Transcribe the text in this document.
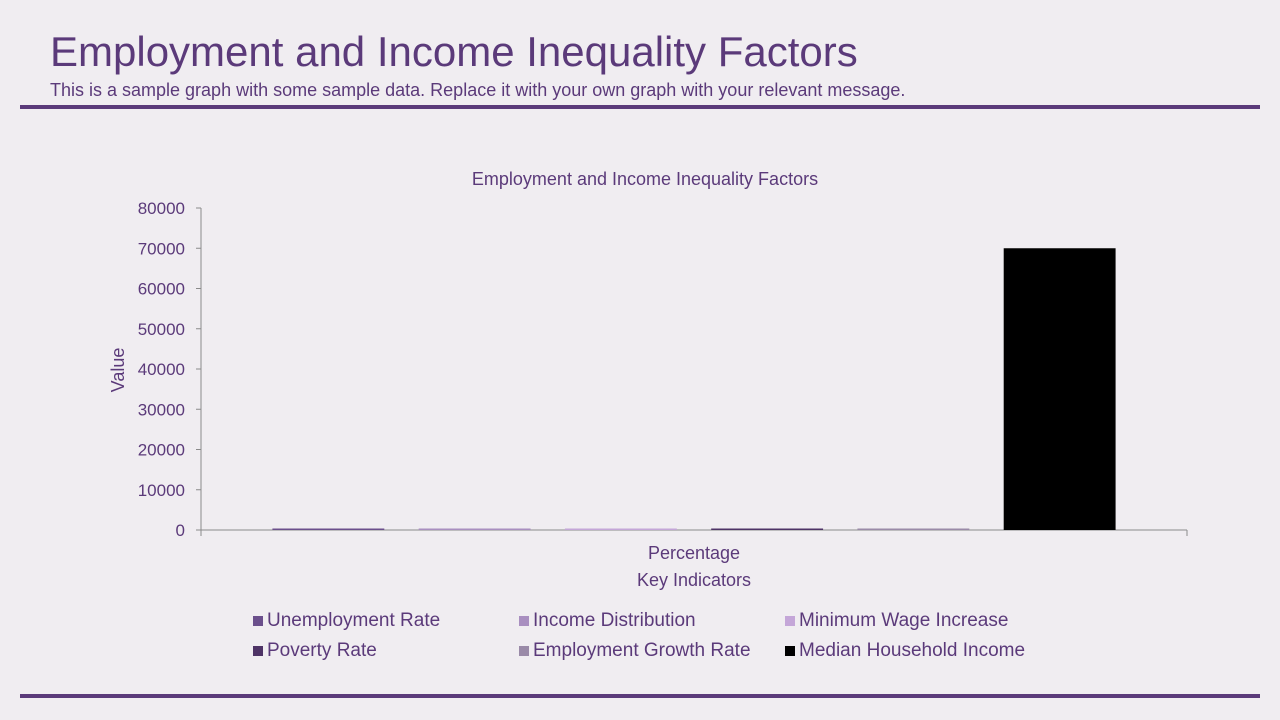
Employment and Income Inequality Factors
This is a sample graph with some sample data. Replace it with your own graph with your relevant message.
Employment and Income Inequality Factors
0
10000
20000
30000
40000
50000
60000
70000
80000
Percentage
Value
Key Indicators
Unemployment Rate	Income Distribution	Minimum Wage Increase
Poverty Rate	Employment Growth Rate	Median Household Income
